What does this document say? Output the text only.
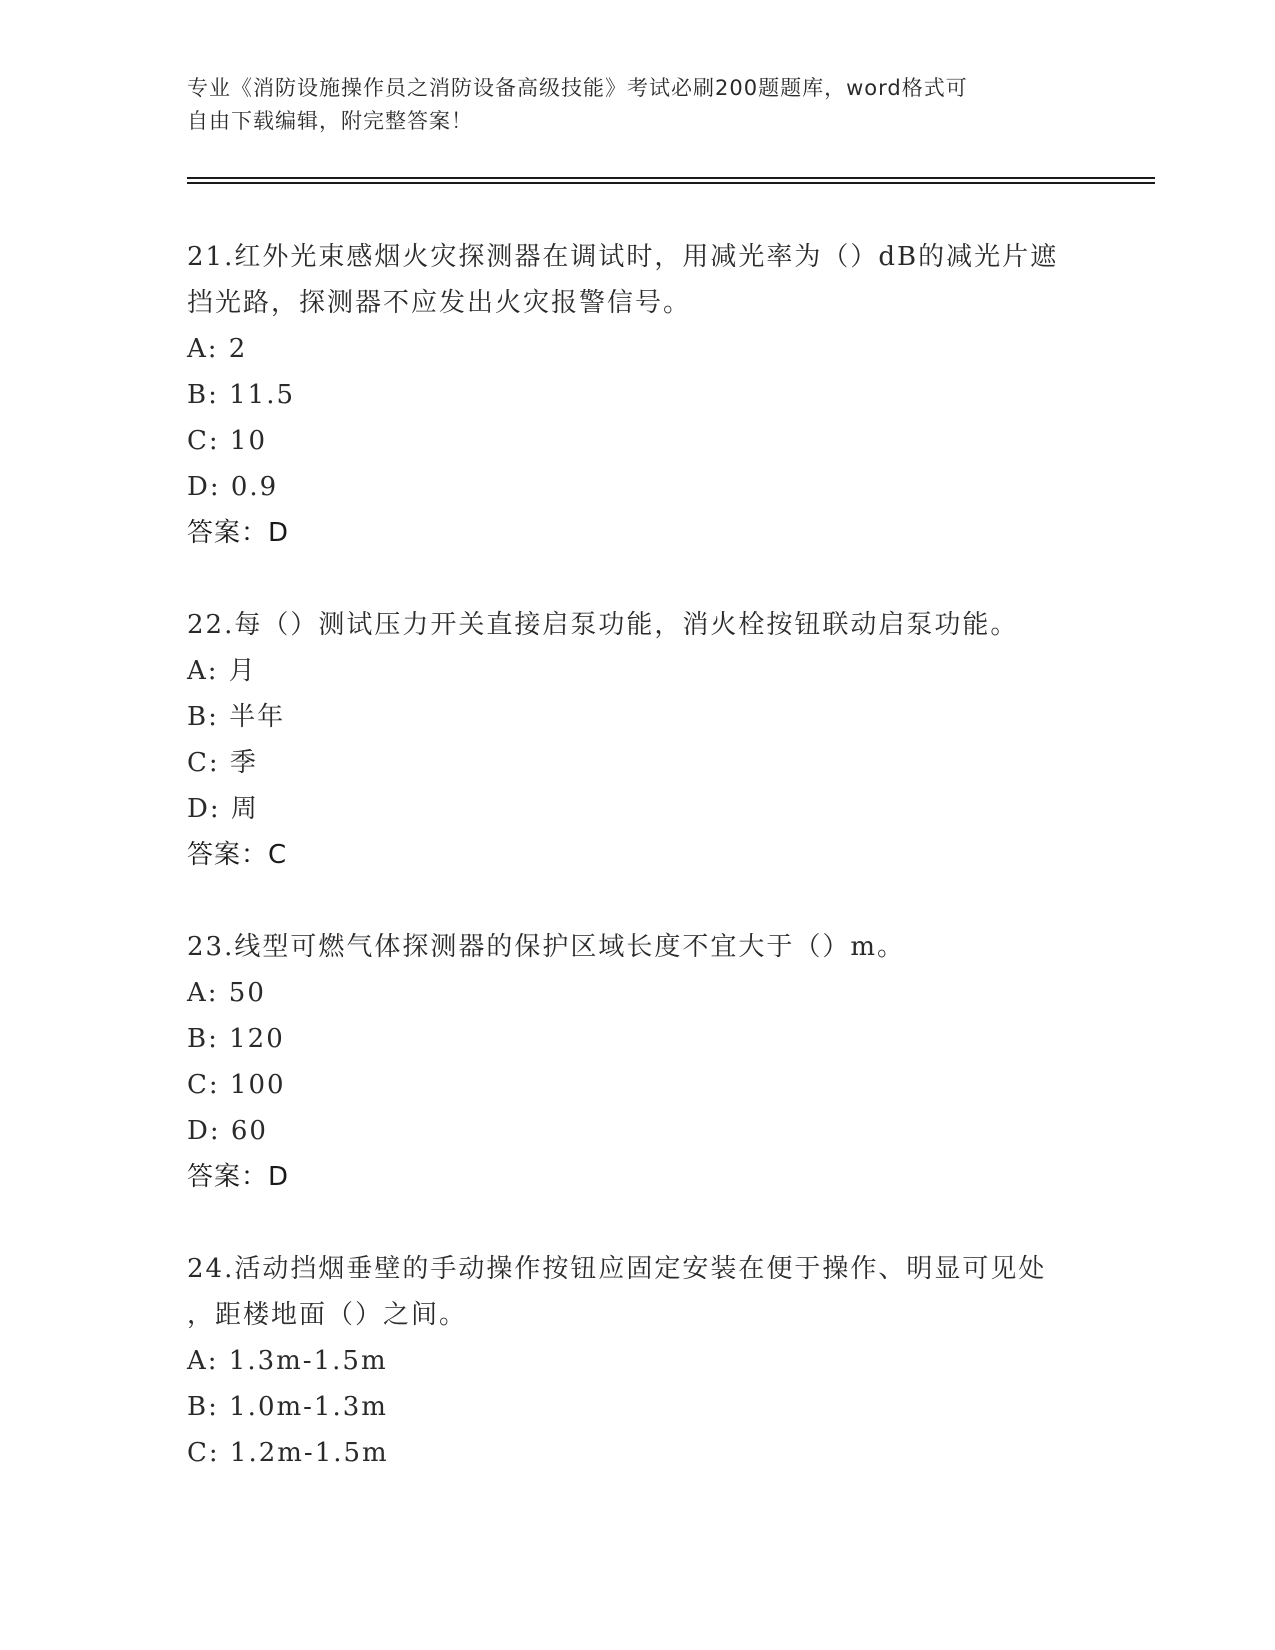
专业《消防设施操作员之消防设备高级技能》考试必刷200题题库，word格式可
自由下载编辑，附完整答案！
21.红外光束感烟火灾探测器在调试时，用减光率为（）dB的减光片遮
挡光路，探测器不应发出火灾报警信号。
A: 2
B: 11.5
C: 10
D: 0.9
答案：D
22.每（）测试压力开关直接启泵功能，消火栓按钮联动启泵功能。
A: 月
B: 半年
C: 季
D: 周
答案：C
23.线型可燃气体探测器的保护区域长度不宜大于（）m。
A: 50
B: 120
C: 100
D: 60
答案：D
24.活动挡烟垂壁的手动操作按钮应固定安装在便于操作、明显可见处
，距楼地面（）之间。
A: 1.3m-1.5m
B: 1.0m-1.3m
C: 1.2m-1.5m
